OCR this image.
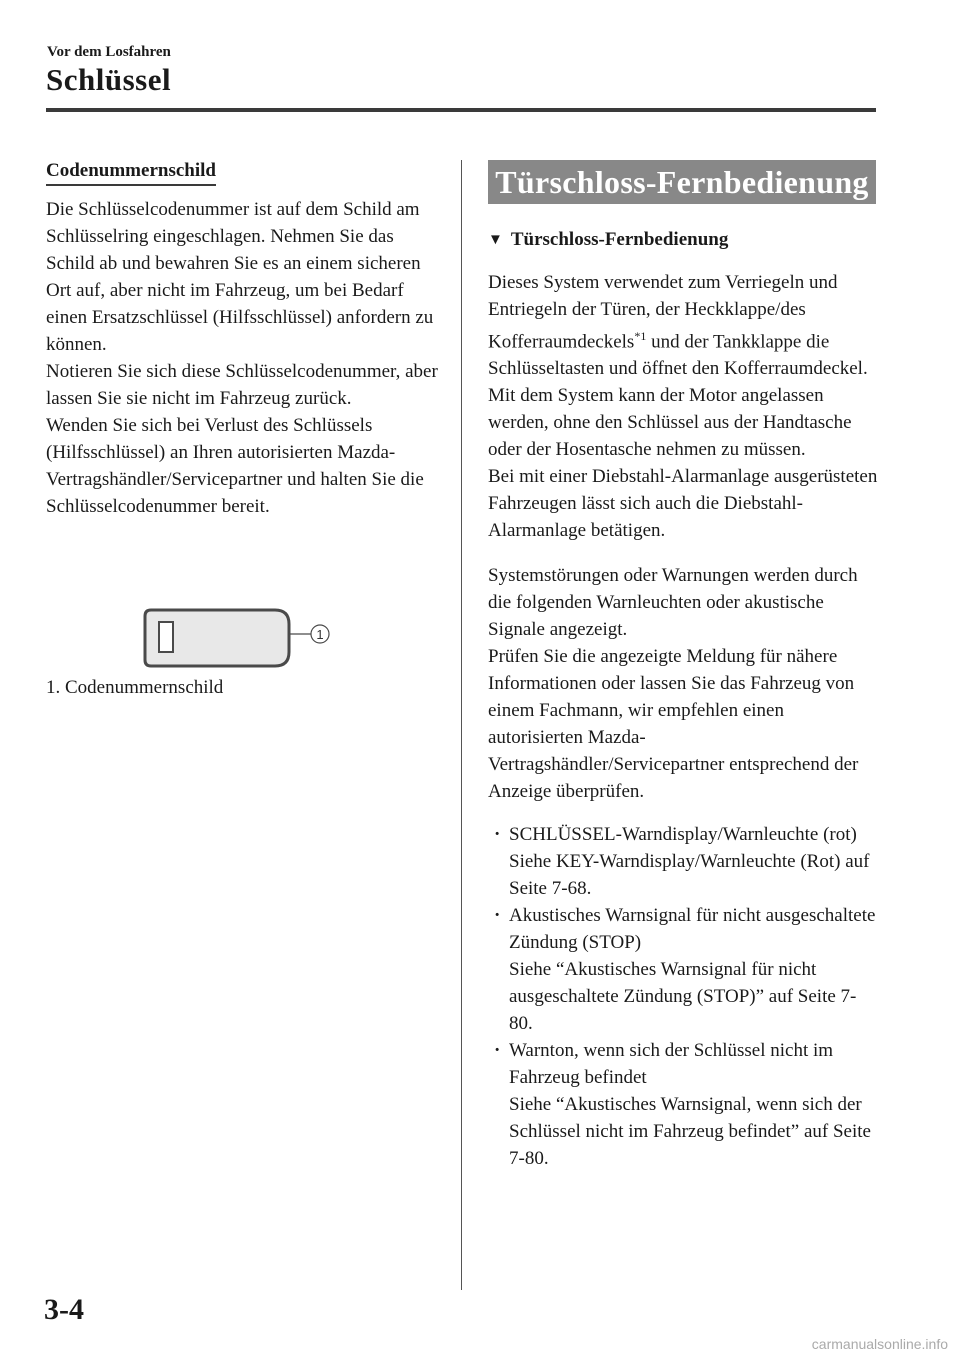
Vor dem Losfahren
Schlüssel
Codenummernschild

Die Schlüsselcodenummer ist auf dem Schild am Schlüsselring eingeschlagen. Nehmen Sie das Schild ab und bewahren Sie es an einem sicheren Ort auf, aber nicht im Fahrzeug, um bei Bedarf einen Ersatzschlüssel (Hilfsschlüssel) anfordern zu können.

Notieren Sie sich diese Schlüsselcodenummer, aber lassen Sie sie nicht im Fahrzeug zurück.

Wenden Sie sich bei Verlust des Schlüssels (Hilfsschlüssel) an Ihren autorisierten Mazda-Vertragshändler/Servicepartner und halten Sie die Schlüsselcodenummer bereit.

1
1. Codenummernschild
Türschloss-Fernbedienung
▼ Türschloss-Fernbedienung
Dieses System verwendet zum Verriegeln und Entriegeln der Türen, der Heckklappe/des Kofferraumdeckels$^{*1}$ und der Tankklappe die Schlüsseltasten und öffnet den Kofferraumdeckel.
Mit dem System kann der Motor angelassen werden, ohne den Schlüssel aus der Handtasche oder der Hosentasche nehmen zu müssen.
Bei mit einer Diebstahl-Alarmanlage ausgerüsteten Fahrzeugen lässt sich auch die Diebstahl-Alarmanlage betätigen.
Systemstörungen oder Warnungen werden durch die folgenden Warnleuchten oder akustische Signale angezeigt.
Prüfen Sie die angezeigte Meldung für nähere Informationen oder lassen Sie das Fahrzeug von einem Fachmann, wir empfehlen einen autorisierten Mazda-Vertragshändler/Servicepartner entsprechend der Anzeige überprüfen.
· SCHLÜSSEL-Warndisplay/Warnleuchte (rot)
Siehe KEY-Warndisplay/Warnleuchte (Rot) auf Seite 7-68.
· Akustisches Warnsignal für nicht ausgeschaltete Zündung (STOP)
Siehe “Akustisches Warnsignal für nicht ausgeschaltete Zündung (STOP)” auf Seite 7-80.
· Warnton, wenn sich der Schlüssel nicht im Fahrzeug befindet
Siehe “Akustisches Warnsignal, wenn sich der Schlüssel nicht im Fahrzeug befindet” auf Seite 7-80.
3-4
carmanualsonline.info
